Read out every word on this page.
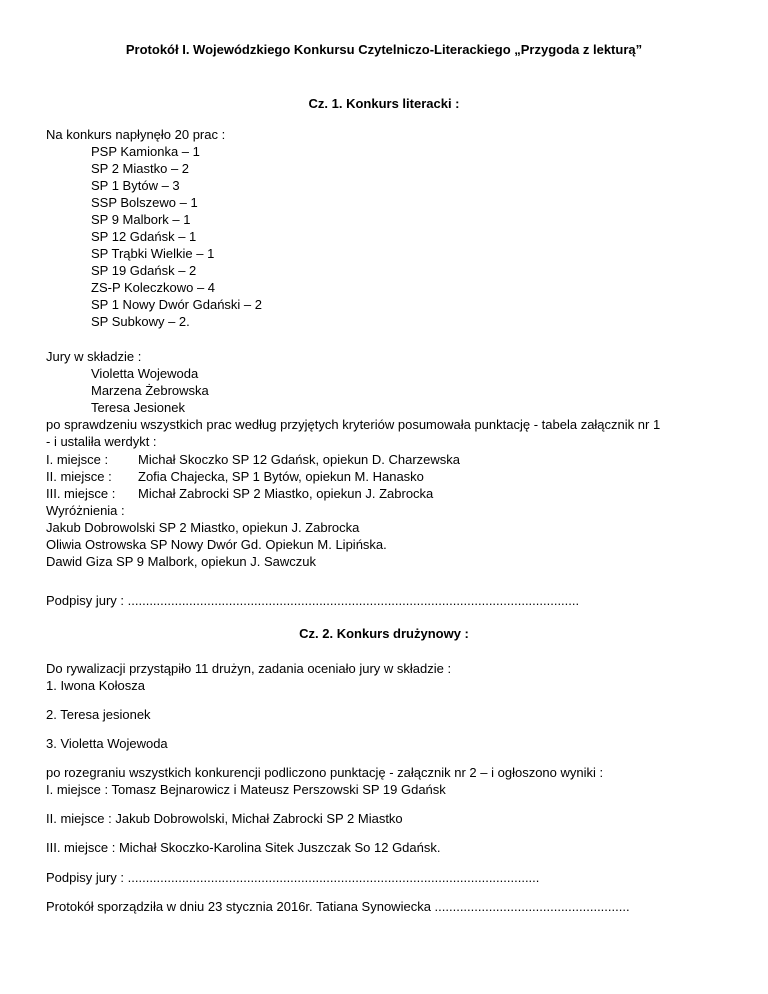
Protokół I. Wojewódzkiego Konkursu Czytelniczo-Literackiego „Przygoda z lekturą”
Cz. 1. Konkurs literacki :
Na konkurs napłynęło 20 prac :
PSP Kamionka – 1
SP 2 Miastko – 2
SP 1 Bytów – 3
SSP Bolszewo – 1
SP 9 Malbork – 1
SP 12 Gdańsk – 1
SP Trąbki Wielkie – 1
SP 19 Gdańsk – 2
ZS-P Koleczkowo – 4
SP 1 Nowy Dwór Gdański – 2
SP Subkowy – 2.
Jury w składzie :
Violetta Wojewoda
Marzena Żebrowska
Teresa Jesionek
po sprawdzeniu wszystkich prac według przyjętych kryteriów posumowała punktację - tabela załącznik nr 1
- i ustaliła werdykt :
I. miejsce : Michał Skoczko SP 12 Gdańsk, opiekun D. Charzewska
II. miejsce : Zofia Chajecka, SP 1 Bytów, opiekun M. Hanasko
III. miejsce : Michał Zabrocki SP 2 Miastko, opiekun J. Zabrocka
Wyróżnienia :
Jakub Dobrowolski SP 2 Miastko, opiekun J. Zabrocka
Oliwia Ostrowska SP Nowy Dwór Gd. Opiekun M. Lipińska.
Dawid Giza SP 9 Malbork, opiekun J. Sawczuk
Podpisy jury : .............................................................................................................................
Cz. 2. Konkurs drużynowy :
Do rywalizacji przystąpiło 11 drużyn, zadania oceniało jury w składzie :
1. Iwona Kołosza
2. Teresa jesionek
3. Violetta Wojewoda
po rozegraniu wszystkich konkurencji podliczono punktację - załącznik nr 2 – i ogłoszono wyniki :
I. miejsce : Tomasz Bejnarowicz i Mateusz Perszowski SP 19 Gdańsk
II. miejsce : Jakub Dobrowolski, Michał Zabrocki SP 2 Miastko
III. miejsce : Michał Skoczko-Karolina Sitek Juszczak So 12 Gdańsk.
Podpisy jury : ..................................................................................................................
Protokół sporządziła w dniu 23 stycznia 2016r. Tatiana Synowiecka ......................................................
